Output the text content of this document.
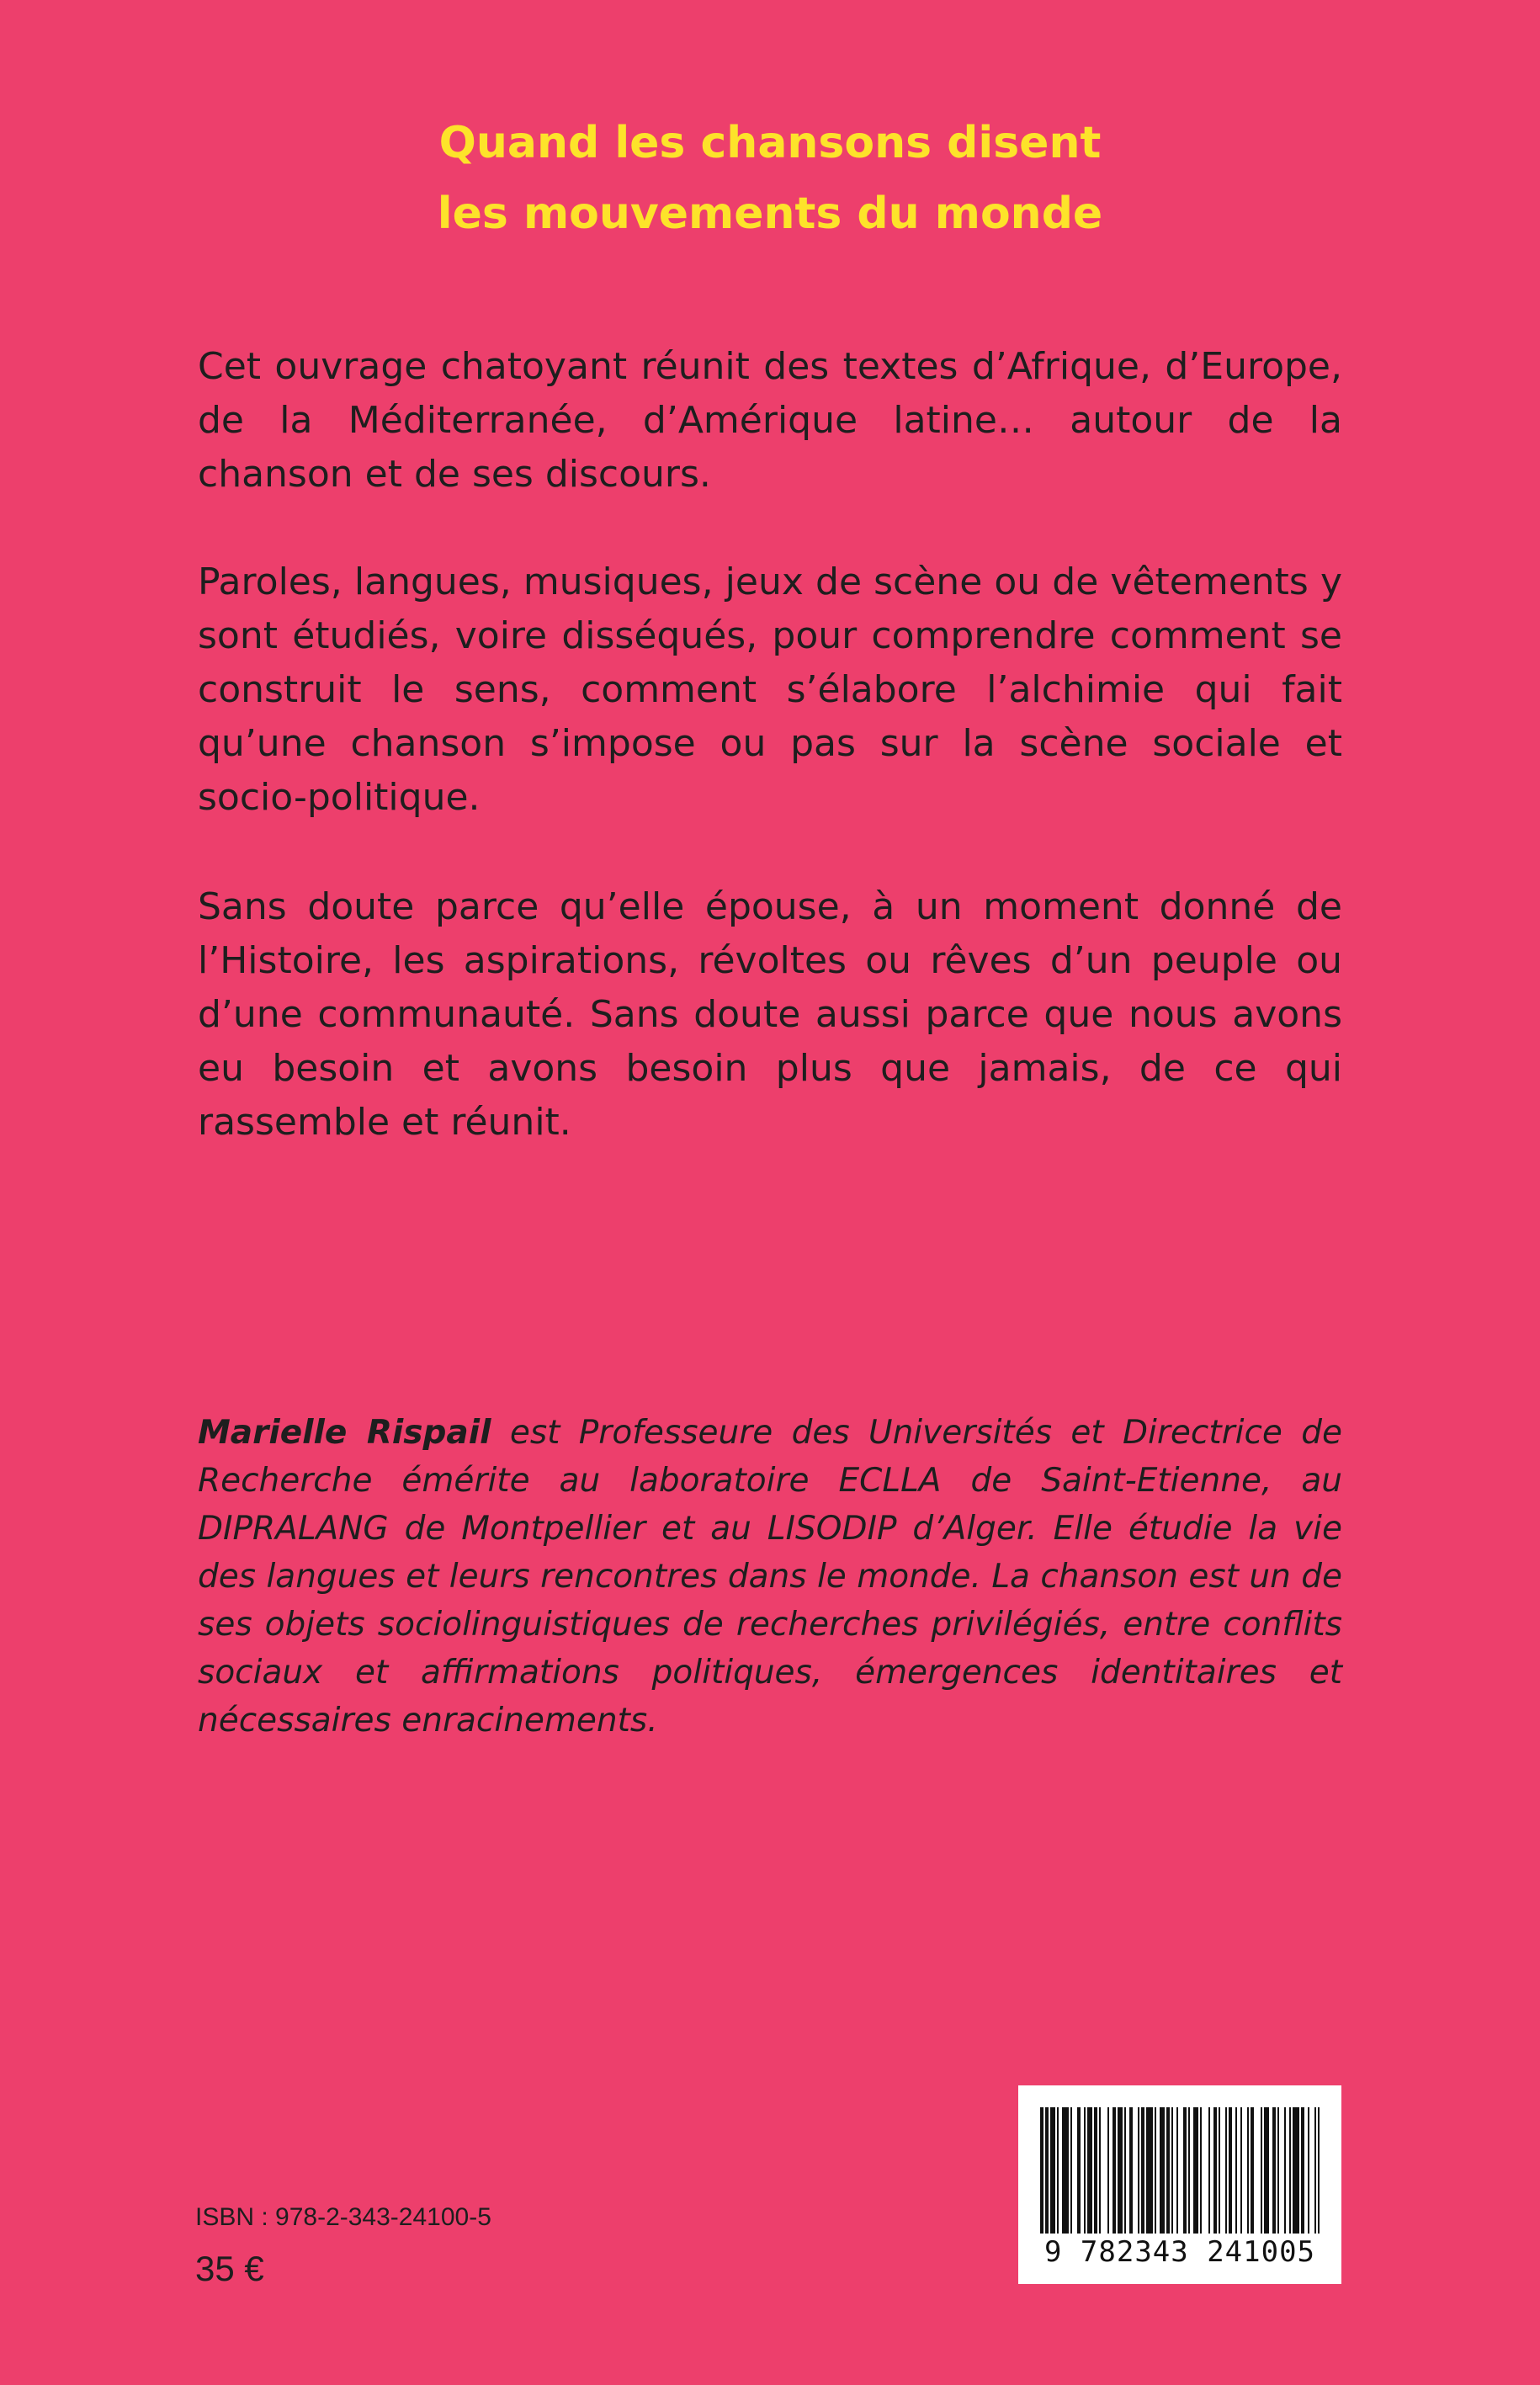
Quand les chansons disent
les mouvements du monde

Cet ouvrage chatoyant réunit des textes d’Afrique, d’Europe, de la Méditerranée, d’Amérique latine… autour de la chanson et de ses discours.

Paroles, langues, musiques, jeux de scène ou de vêtements y sont étudiés, voire disséqués, pour comprendre comment se construit le sens, comment s’élabore l’alchimie qui fait qu’une chanson s’impose ou pas sur la scène sociale et socio-politique.

Sans doute parce qu’elle épouse, à un moment donné de l’Histoire, les aspirations, révoltes ou rêves d’un peuple ou d’une communauté. Sans doute aussi parce que nous avons eu besoin et avons besoin plus que jamais, de ce qui rassemble et réunit.

Marielle Rispail est Professeure des Universités et Directrice de Recherche émérite au laboratoire ECLLA de Saint-Etienne, au DIPRALANG de Montpellier et au LISODIP d’Alger. Elle étudie la vie des langues et leurs rencontres dans le monde. La chanson est un de ses objets sociolinguistiques de recherches privilégiés, entre conflits sociaux et affirmations politiques, émergences identitaires et nécessaires enracinements.

ISBN : 978-2-343-24100-5
35 €	9 782343 241005
